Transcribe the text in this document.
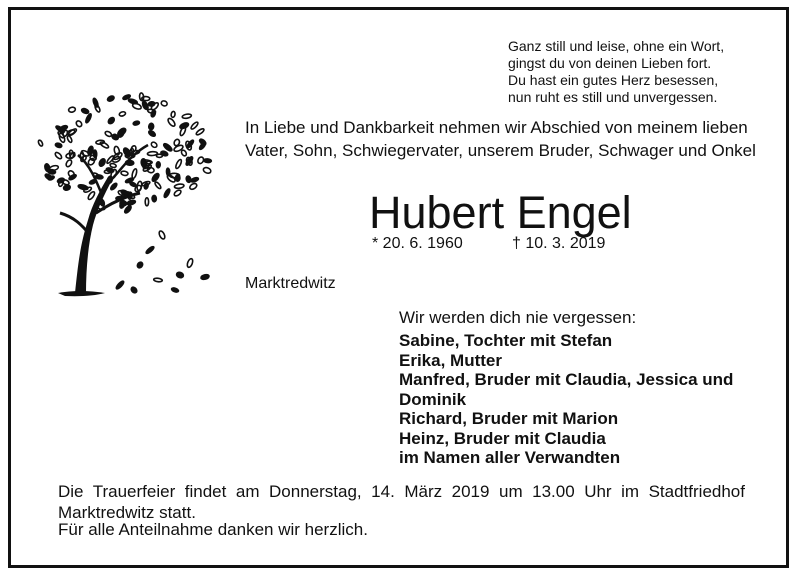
Ganz still und leise, ohne ein Wort,
gingst du von deinen Lieben fort.
Du hast ein gutes Herz besessen,
nun ruht es still und unvergessen.
In Liebe und Dankbarkeit nehmen wir Abschied von meinem lieben Vater, Sohn, Schwiegervater, unserem Bruder, Schwager und Onkel
Hubert Engel
* 20. 6. 1960	† 10. 3. 2019
Marktredwitz
Wir werden dich nie vergessen:
Sabine, Tochter mit Stefan
Erika, Mutter
Manfred, Bruder mit Claudia, Jessica und Dominik
Richard, Bruder mit Marion
Heinz, Bruder mit Claudia
im Namen aller Verwandten
Die Trauerfeier findet am Donnerstag, 14. März 2019 um 13.00 Uhr im Stadtfriedhof
Marktredwitz statt.
Für alle Anteilnahme danken wir herzlich.
